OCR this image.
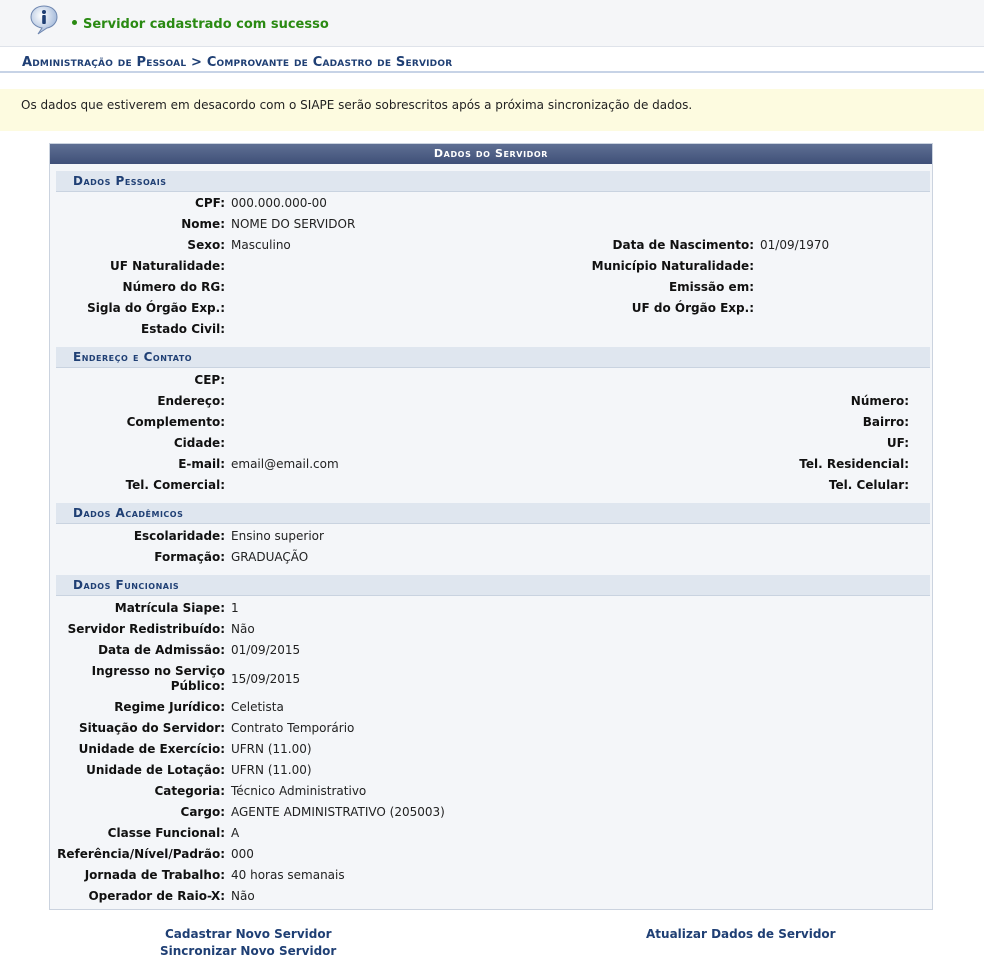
Servidor cadastrado com sucesso
Administração de Pessoal > Comprovante de Cadastro de Servidor
Os dados que estiverem em desacordo com o SIAPE serão sobrescritos após a próxima sincronização de dados.
Dados do Servidor
Dados Pessoais
CPF: 000.000.000-00
Nome: NOME DO SERVIDOR
Sexo: Masculino	Data de Nascimento: 01/09/1970
UF Naturalidade:	Município Naturalidade:
Número do RG:	Emissão em:
Sigla do Órgão Exp.:	UF do Órgão Exp.:
Estado Civil:
Endereço e Contato
CEP:
Endereço:	Número:
Complemento:	Bairro:
Cidade:	UF:
E-mail: email@email.com	Tel. Residencial:
Tel. Comercial:	Tel. Celular:
Dados Acadêmicos
Escolaridade: Ensino superior
Formação: GRADUAÇÃO
Dados Funcionais
Matrícula Siape: 1
Servidor Redistribuído: Não
Data de Admissão: 01/09/2015
Ingresso no Serviço
Público: 15/09/2015
Regime Jurídico: Celetista
Situação do Servidor: Contrato Temporário
Unidade de Exercício: UFRN (11.00)
Unidade de Lotação: UFRN (11.00)
Categoria: Técnico Administrativo
Cargo: AGENTE ADMINISTRATIVO (205003)
Classe Funcional: A
Referência/Nível/Padrão: 000
Jornada de Trabalho: 40 horas semanais
Operador de Raio-X: Não
Cadastrar Novo Servidor
Sincronizar Novo Servidor
Atualizar Dados de Servidor
